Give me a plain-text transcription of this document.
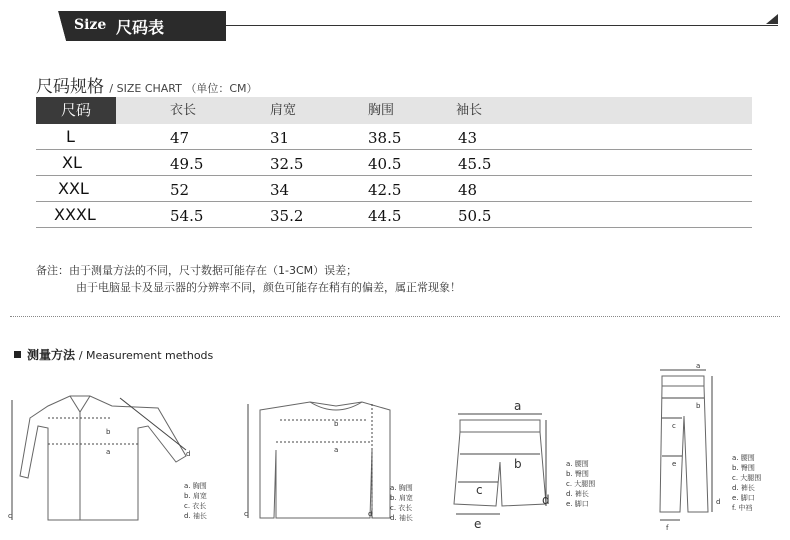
Size 尺码表
尺码规格 / SIZE CHART （单位：CM）
尺码	衣长	肩宽	胸围	袖长
L	47	31	38.5	43
XL	49.5	32.5	40.5	45.5
XXL	52	34	42.5	48
XXXL	54.5	35.2	44.5	50.5
备注：由于测量方法的不同，尺寸数据可能存在（1-3CM）误差；
由于电脑显卡及显示器的分辨率不同，颜色可能存在稍有的偏差，属正常现象！
测量方法 / Measurement methods
b
a
c
d
a. 胸围
b. 肩宽
c. 衣长
d. 袖长
b
a
c	d
a. 胸围
b. 肩宽
c. 衣长
d. 袖长
a
b
c
d
e
a. 腰围
b. 臀围
c. 大腿围
d. 裤长
e. 脚口
a
b
c
d
e
f
a. 腰围
b. 臀围
c. 大腿围
d. 裤长
e. 脚口
f. 中裆
